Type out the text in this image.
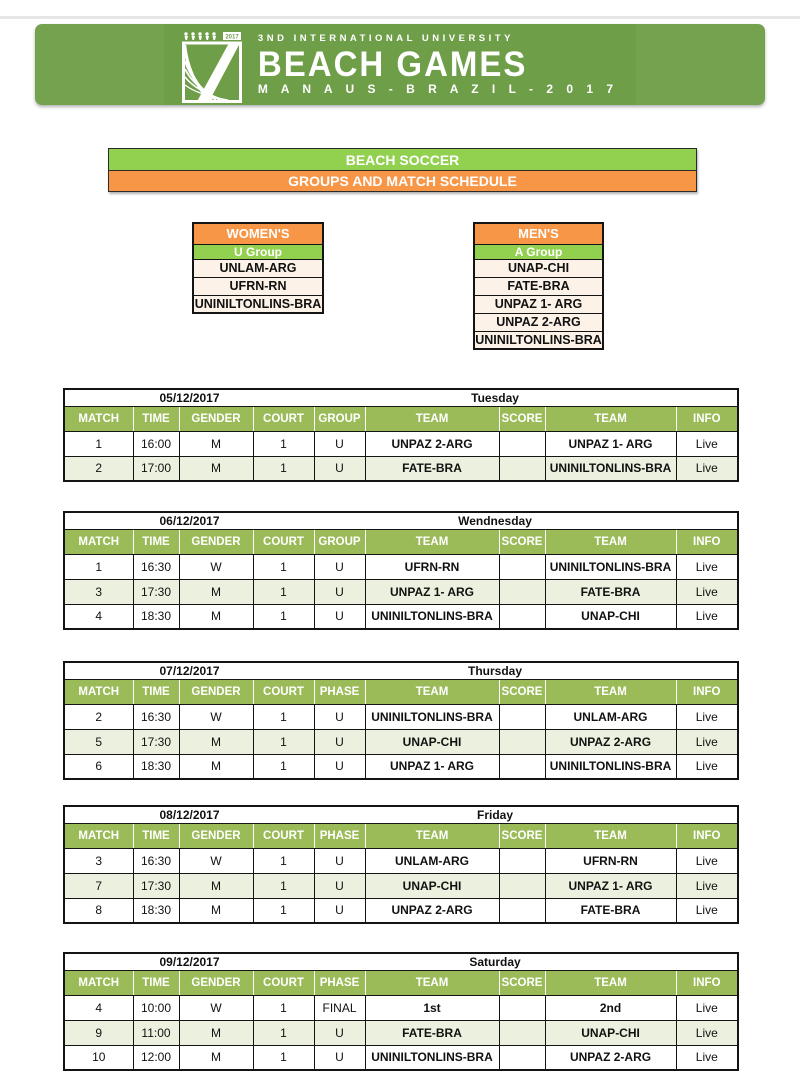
2017 3ND INTERNATIONAL UNIVERSITY
BEACH GAMES
M A N A U S - B R A Z I L - 2 0 1 7
BEACH SOCCER
GROUPS AND MATCH SCHEDULE
WOMEN'S
U Group
UNLAM-ARG
UFRN-RN
UNINILTONLINS-BRA
MEN'S
A Group
UNAP-CHI
FATE-BRA
UNPAZ 1- ARG
UNPAZ 2-ARG
UNINILTONLINS-BRA
05/12/2017				Tuesday				
MATCH	TIME	GENDER	COURT	GROUP	TEAM	SCORE	TEAM	INFO
1	16:00	M	1	U	UNPAZ 2-ARG		UNPAZ 1- ARG	Live
2	17:00	M	1	U	FATE-BRA		UNINILTONLINS-BRA	Live
06/12/2017				Wendnesday				
MATCH	TIME	GENDER	COURT	GROUP	TEAM	SCORE	TEAM	INFO
1	16:30	W	1	U	UFRN-RN		UNINILTONLINS-BRA	Live
3	17:30	M	1	U	UNPAZ 1- ARG		FATE-BRA	Live
4	18:30	M	1	U	UNINILTONLINS-BRA		UNAP-CHI	Live
07/12/2017				Thursday				
MATCH	TIME	GENDER	COURT	PHASE	TEAM	SCORE	TEAM	INFO
2	16:30	W	1	U	UNINILTONLINS-BRA		UNLAM-ARG	Live
5	17:30	M	1	U	UNAP-CHI		UNPAZ 2-ARG	Live
6	18:30	M	1	U	UNPAZ 1- ARG		UNINILTONLINS-BRA	Live
08/12/2017				Friday				
MATCH	TIME	GENDER	COURT	PHASE	TEAM	SCORE	TEAM	INFO
3	16:30	W	1	U	UNLAM-ARG		UFRN-RN	Live
7	17:30	M	1	U	UNAP-CHI		UNPAZ 1- ARG	Live
8	18:30	M	1	U	UNPAZ 2-ARG		FATE-BRA	Live
09/12/2017				Saturday				
MATCH	TIME	GENDER	COURT	PHASE	TEAM	SCORE	TEAM	INFO
4	10:00	W	1	FINAL	1st		2nd	Live
9	11:00	M	1	U	FATE-BRA		UNAP-CHI	Live
10	12:00	M	1	U	UNINILTONLINS-BRA		UNPAZ 2-ARG	Live
